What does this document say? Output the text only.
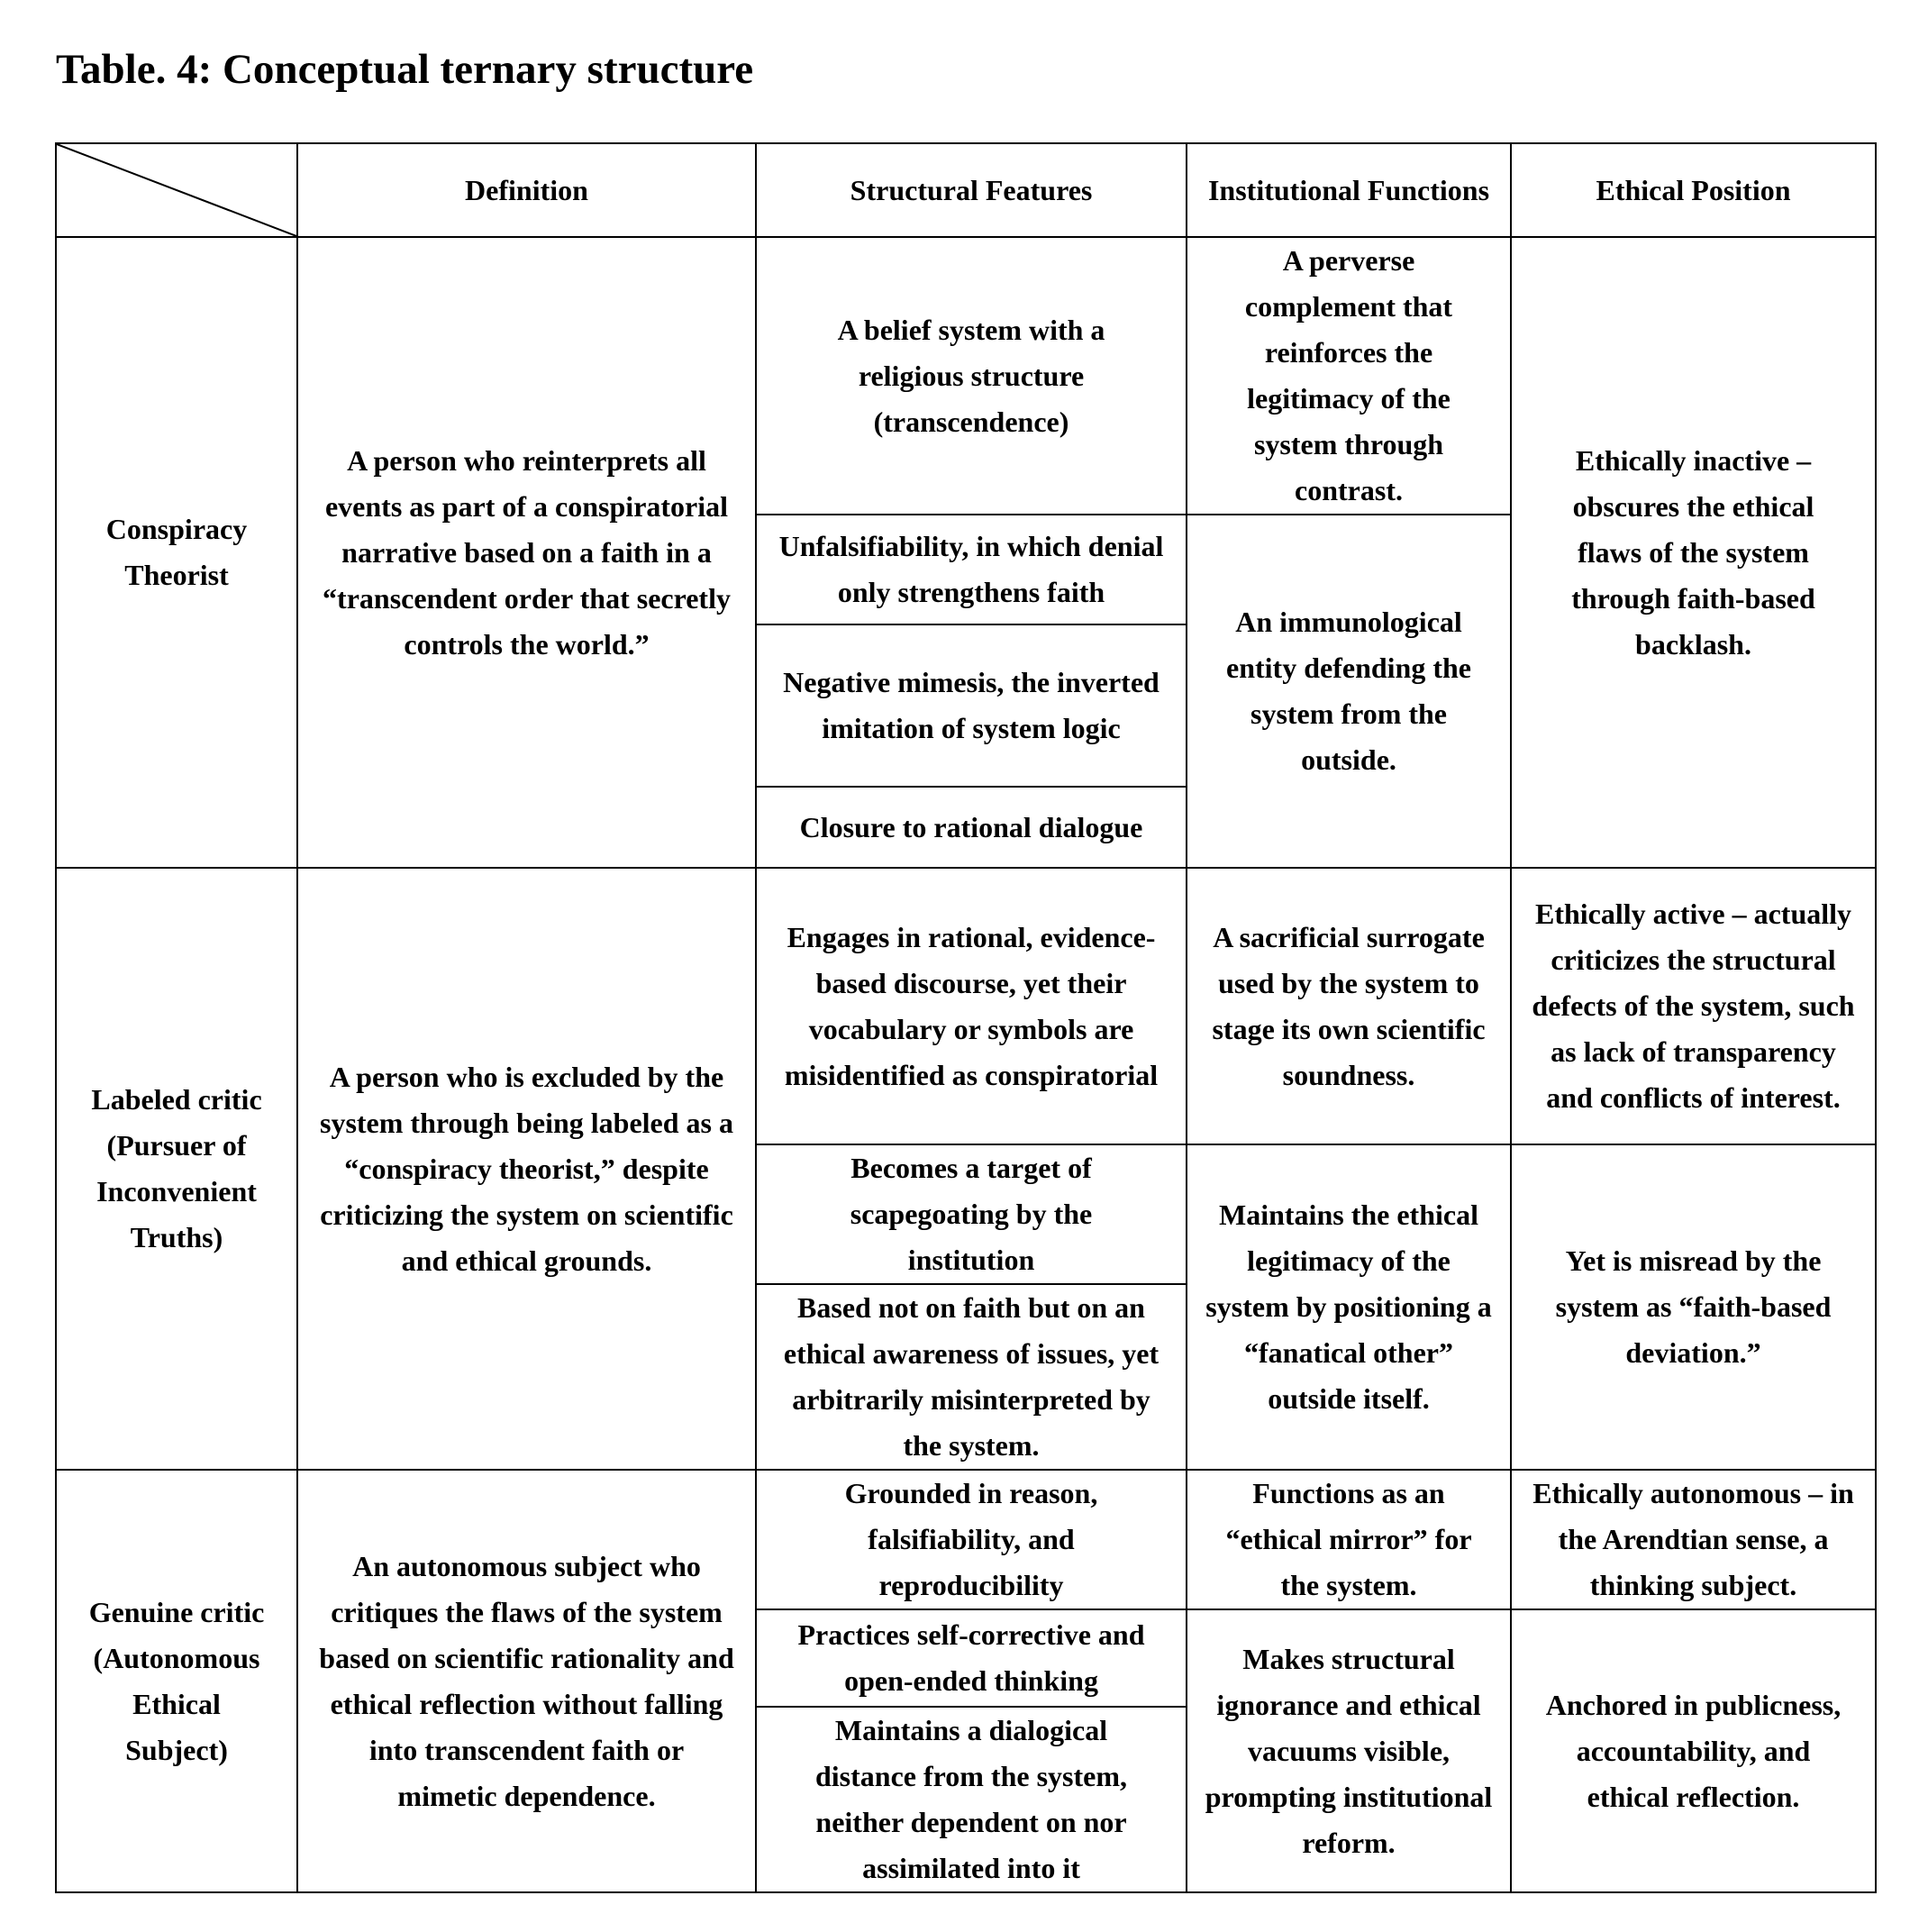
Table. 4: Conceptual ternary structure
	Definition	Structural Features	Institutional Functions	Ethical Position
Conspiracy Theorist	A person who reinterprets all events as part of a conspiratorial narrative based on a faith in a “transcendent order that secretly controls the world.”	A belief system with a religious structure (transcendence)	A perverse complement that reinforces the legitimacy of the system through contrast.	Ethically inactive – obscures the ethical flaws of the system through faith-based backlash.
		Unfalsifiability, in which denial only strengthens faith	An immunological entity defending the system from the outside.	
		Negative mimesis, the inverted imitation of system logic		
		Closure to rational dialogue		
Labeled critic (Pursuer of Inconvenient Truths)	A person who is excluded by the system through being labeled as a “conspiracy theorist,” despite criticizing the system on scientific and ethical grounds.	Engages in rational, evidence-based discourse, yet their vocabulary or symbols are misidentified as conspiratorial	A sacrificial surrogate used by the system to stage its own scientific soundness.	Ethically active – actually criticizes the structural defects of the system, such as lack of transparency and conflicts of interest.
		Becomes a target of scapegoating by the institution	Maintains the ethical legitimacy of the system by positioning a “fanatical other” outside itself.	Yet is misread by the system as “faith-based deviation.”
		Based not on faith but on an ethical awareness of issues, yet arbitrarily misinterpreted by the system.		
Genuine critic (Autonomous Ethical Subject)	An autonomous subject who critiques the flaws of the system based on scientific rationality and ethical reflection without falling into transcendent faith or mimetic dependence.	Grounded in reason, falsifiability, and reproducibility	Functions as an “ethical mirror” for the system.	Ethically autonomous – in the Arendtian sense, a thinking subject.
		Practices self-corrective and open-ended thinking	Makes structural ignorance and ethical vacuums visible, prompting institutional reform.	Anchored in publicness, accountability, and ethical reflection.
		Maintains a dialogical distance from the system, neither dependent on nor assimilated into it		
